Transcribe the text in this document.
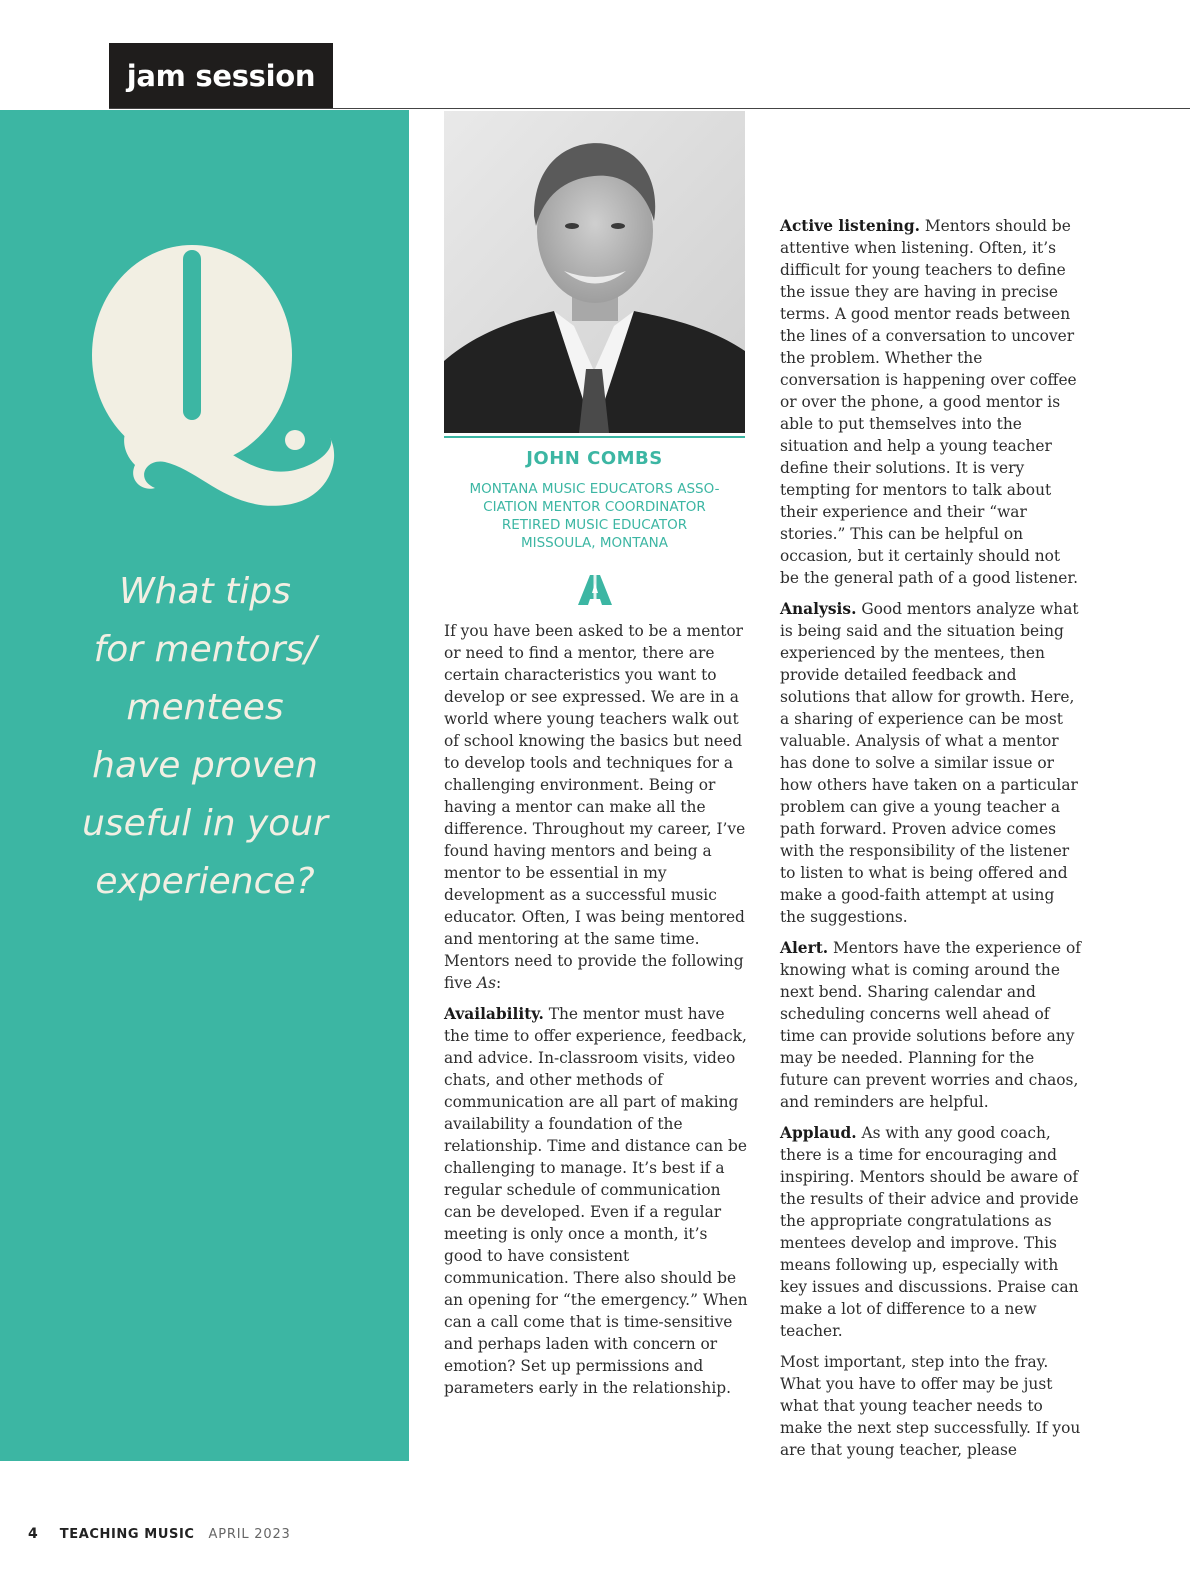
jam session
What tips
for mentors/
mentees
have proven
useful in your
experience?
JOHN COMBS
MONTANA MUSIC EDUCATORS ASSO-
CIATION MENTOR COORDINATOR
RETIRED MUSIC EDUCATOR
MISSOULA, MONTANA

If you have been asked to be a mentor or need to find a mentor, there are certain characteristics you want to develop or see expressed. We are in a world where young teachers walk out of school knowing the basics but need to develop tools and techniques for a challenging environment. Being or having a mentor can make all the difference. Throughout my career, I’ve found having mentors and being a mentor to be essential in my development as a successful music educator. Often, I was being mentored and mentoring at the same time. Mentors need to provide the following five As:

Availability. The mentor must have the time to offer experience, feedback, and advice. In-classroom visits, video chats, and other methods of communication are all part of making availability a foundation of the relationship. Time and distance can be challenging to manage. It’s best if a regular schedule of communication can be developed. Even if a regular meeting is only once a month, it’s good to have consistent communication. There also should be an opening for “the emergency.” When can a call come that is time-sensitive and perhaps laden with concern or emotion? Set up permissions and parameters early in the relationship.

Active listening. Mentors should be attentive when listening. Often, it’s difficult for young teachers to define the issue they are having in precise terms. A good mentor reads between the lines of a conversation to uncover the problem. Whether the conversation is happening over coffee or over the phone, a good mentor is able to put themselves into the situation and help a young teacher define their solutions. It is very tempting for mentors to talk about their experience and their “war stories.” This can be helpful on occasion, but it certainly should not be the general path of a good listener.

Analysis. Good mentors analyze what is being said and the situation being experienced by the mentees, then provide detailed feedback and solutions that allow for growth. Here, a sharing of experience can be most valuable. Analysis of what a mentor has done to solve a similar issue or how others have taken on a particular problem can give a young teacher a path forward. Proven advice comes with the responsibility of the listener to listen to what is being offered and make a good-faith attempt at using the suggestions.

Alert. Mentors have the experience of knowing what is coming around the next bend. Sharing calendar and scheduling concerns well ahead of time can provide solutions before any may be needed. Planning for the future can prevent worries and chaos, and reminders are helpful.

Applaud. As with any good coach, there is a time for encouraging and inspiring. Mentors should be aware of the results of their advice and provide the appropriate congratulations as mentees develop and improve. This means following up, especially with key issues and discussions. Praise can make a lot of difference to a new teacher.

Most important, step into the fray. What you have to offer may be just what that young teacher needs to make the next step successfully. If you are that young teacher, please

4 TEACHING MUSIC APRIL 2023
